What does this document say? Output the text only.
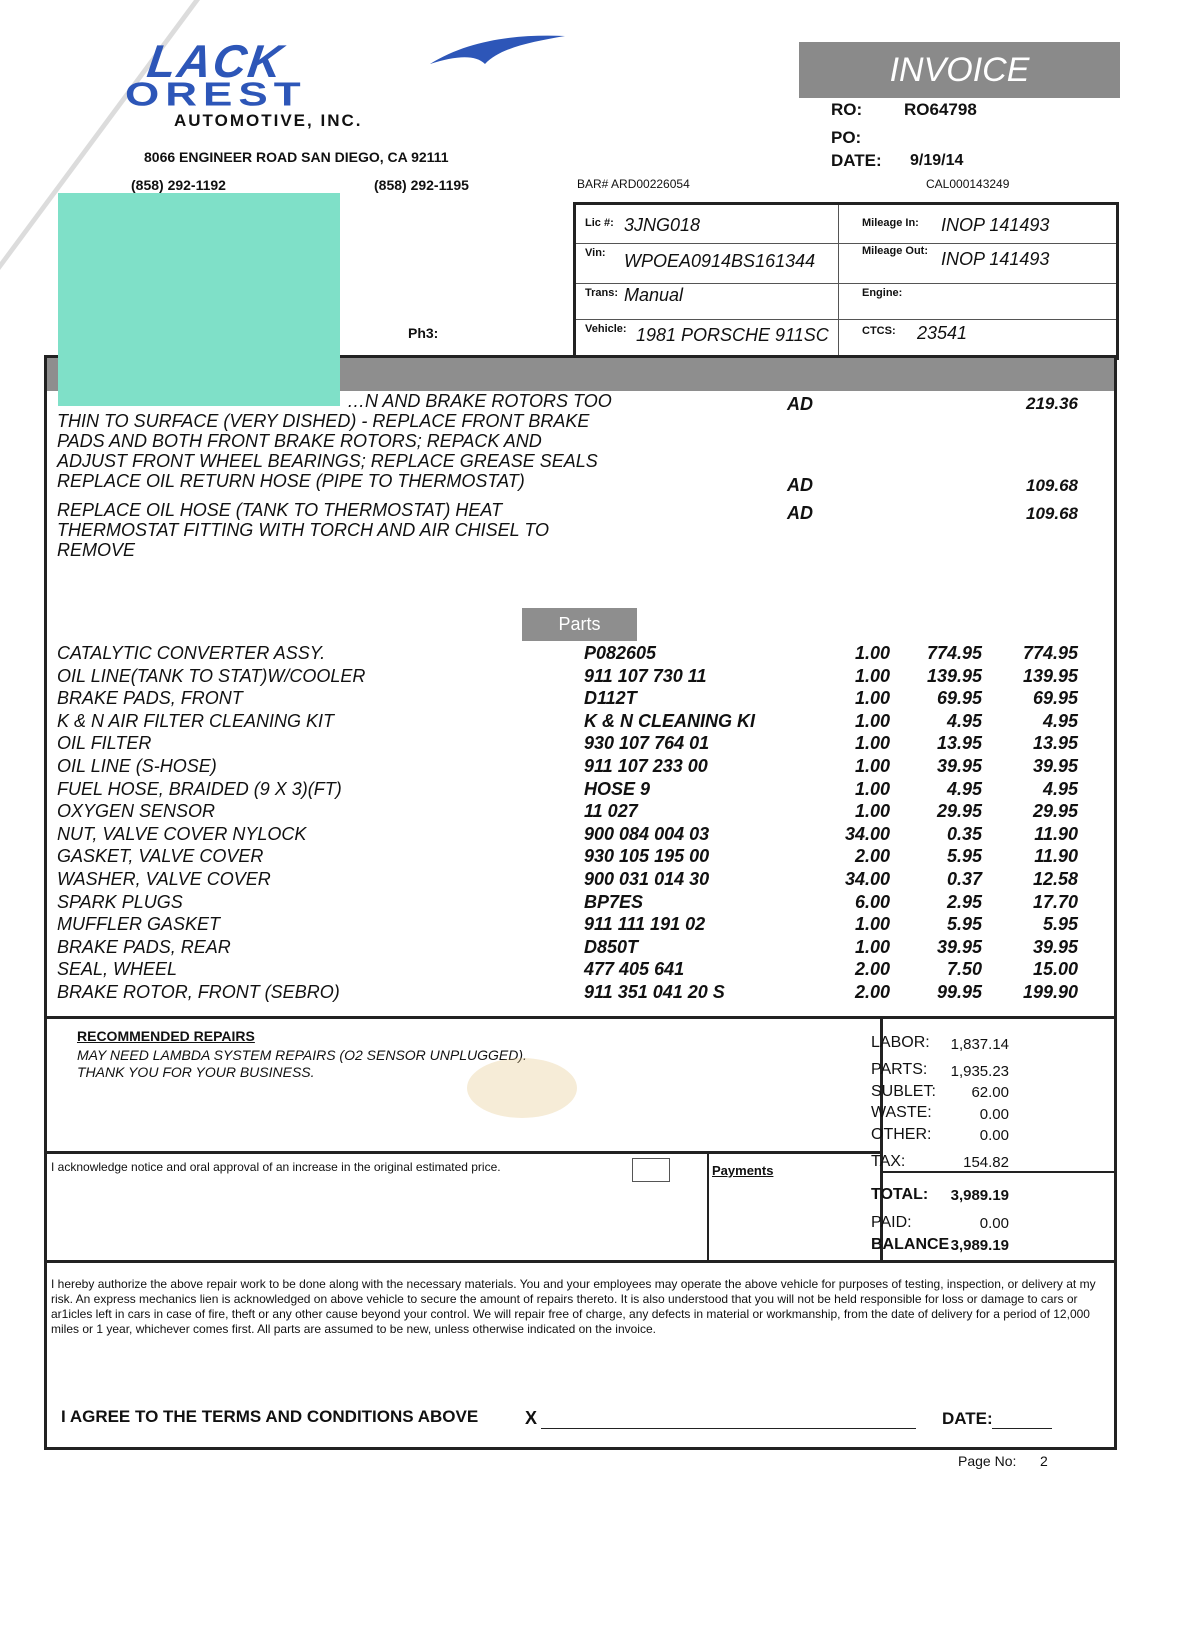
LACK
OREST
AUTOMOTIVE, INC.
8066 ENGINEER ROAD SAN DIEGO, CA 92111
(858) 292-1192	(858) 292-1195	BAR# ARD00226054	CAL000143249
Ph3:
INVOICE
RO: RO64798
PO:
DATE: 9/19/14
Lic #: 3JNG018
Vin: WPOEA0914BS161344
Trans: Manual
Vehicle: 1981 PORSCHE 911SC
Mileage In: INOP 141493
Mileage Out: INOP 141493
Engine:
CTCS: 23541
…N AND BRAKE ROTORS TOO
THIN TO SURFACE (VERY DISHED) - REPLACE FRONT BRAKE
PADS AND BOTH FRONT BRAKE ROTORS; REPACK AND
ADJUST FRONT WHEEL BEARINGS; REPLACE GREASE SEALS
AD	219.36
REPLACE OIL RETURN HOSE (PIPE TO THERMOSTAT)	AD	109.68
REPLACE OIL HOSE (TANK TO THERMOSTAT) HEAT
THERMOSTAT FITTING WITH TORCH AND AIR CHISEL TO
REMOVE
AD	109.68
Parts
CATALYTIC CONVERTER ASSY.	P082605	1.00 774.95 774.95
OIL LINE(TANK TO STAT)W/COOLER	911 107 730 11	1.00 139.95 139.95
BRAKE PADS, FRONT	D112T	1.00	69.95	69.95
K & N AIR FILTER CLEANING KIT	K & N CLEANING KI	1.00	4.95	4.95
OIL FILTER	930 107 764 01	1.00	13.95	13.95
OIL LINE (S-HOSE)	911 107 233 00	1.00	39.95	39.95
FUEL HOSE, BRAIDED (9 X 3)(FT)	HOSE 9	1.00	4.95	4.95
OXYGEN SENSOR	11 027	1.00	29.95	29.95
NUT, VALVE COVER NYLOCK	900 084 004 03	34.00	0.35	11.90
GASKET, VALVE COVER	930 105 195 00	2.00	5.95	11.90
WASHER, VALVE COVER	900 031 014 30	34.00	0.37	12.58
SPARK PLUGS	BP7ES	6.00	2.95	17.70
MUFFLER GASKET	911 111 191 02	1.00	5.95	5.95
BRAKE PADS, REAR	D850T	1.00	39.95	39.95
SEAL, WHEEL	477 405 641	2.00	7.50	15.00
BRAKE ROTOR, FRONT (SEBRO)	911 351 041 20 S	2.00	99.95 199.90
RECOMMENDED REPAIRS
MAY NEED LAMBDA SYSTEM REPAIRS (O2 SENSOR UNPLUGGED).
THANK YOU FOR YOUR BUSINESS.
I acknowledge notice and oral approval of an increase in the original estimated price.	Payments
LABOR: 1,837.14
PARTS: 1,935.23
SUBLET: 62.00
WASTE:	0.00
OTHER:	0.00
TAX:	154.82
TOTAL: 3,989.19
PAID:	0.00
BALANCE 3,989.19
I AGREE TO THE TERMS AND CONDITIONS ABOVE	X	DATE:
I hereby authorize the above repair work to be done along with the necessary materials. You and your employees may operate the above vehicle for purposes of testing, inspection, or delivery at my risk. An express mechanics lien is acknowledged on above vehicle to secure the amount of repairs thereto. It is also understood that you will not be held responsible for loss or damage to cars or ar1icles left in cars in case of fire, theft or any other cause beyond your control. We will repair free of charge, any defects in material or workmanship, from the date of delivery for a period of 12,000 miles or 1 year, whichever comes first. All parts are assumed to be new, unless otherwise indicated on the invoice.
Page No: 2
